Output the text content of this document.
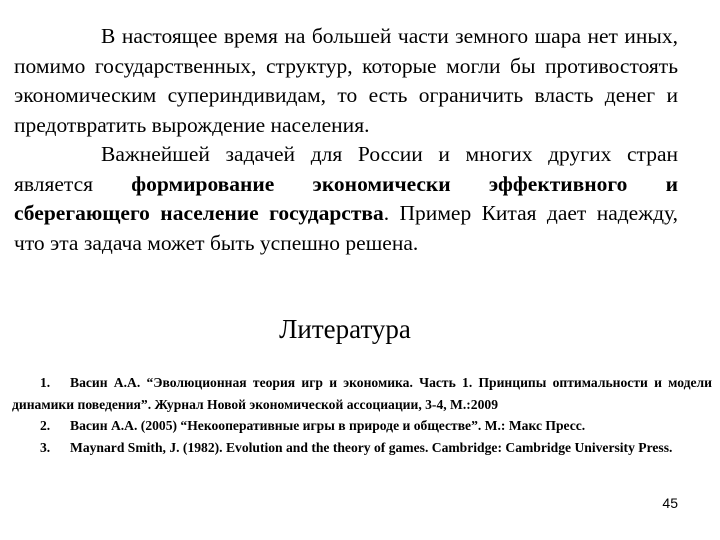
В настоящее время на большей части земного шара нет иных, помимо государственных, структур, которые могли бы противостоять экономическим супериндивидам, то есть ограничить власть денег и предотвратить вырождение населения.

Важнейшей задачей для России и многих других стран является формирование экономически эффективного и сберегающего население государства. Пример Китая дает надежду, что эта задача может быть успешно решена.

Литература

1. Васин А.А. “Эволюционная теория игр и экономика. Часть 1. Принципы оптимальности и модели динамики поведения”. Журнал Новой экономической ассоциации, 3-4, М.:2009

2. Васин А.А. (2005) “Некооперативные игры в природе и обществе”. М.: Макс Пресс.

3. Maynard Smith, J. (1982). Evolution and the theory of games. Cambridge: Cambridge University Press.

45
